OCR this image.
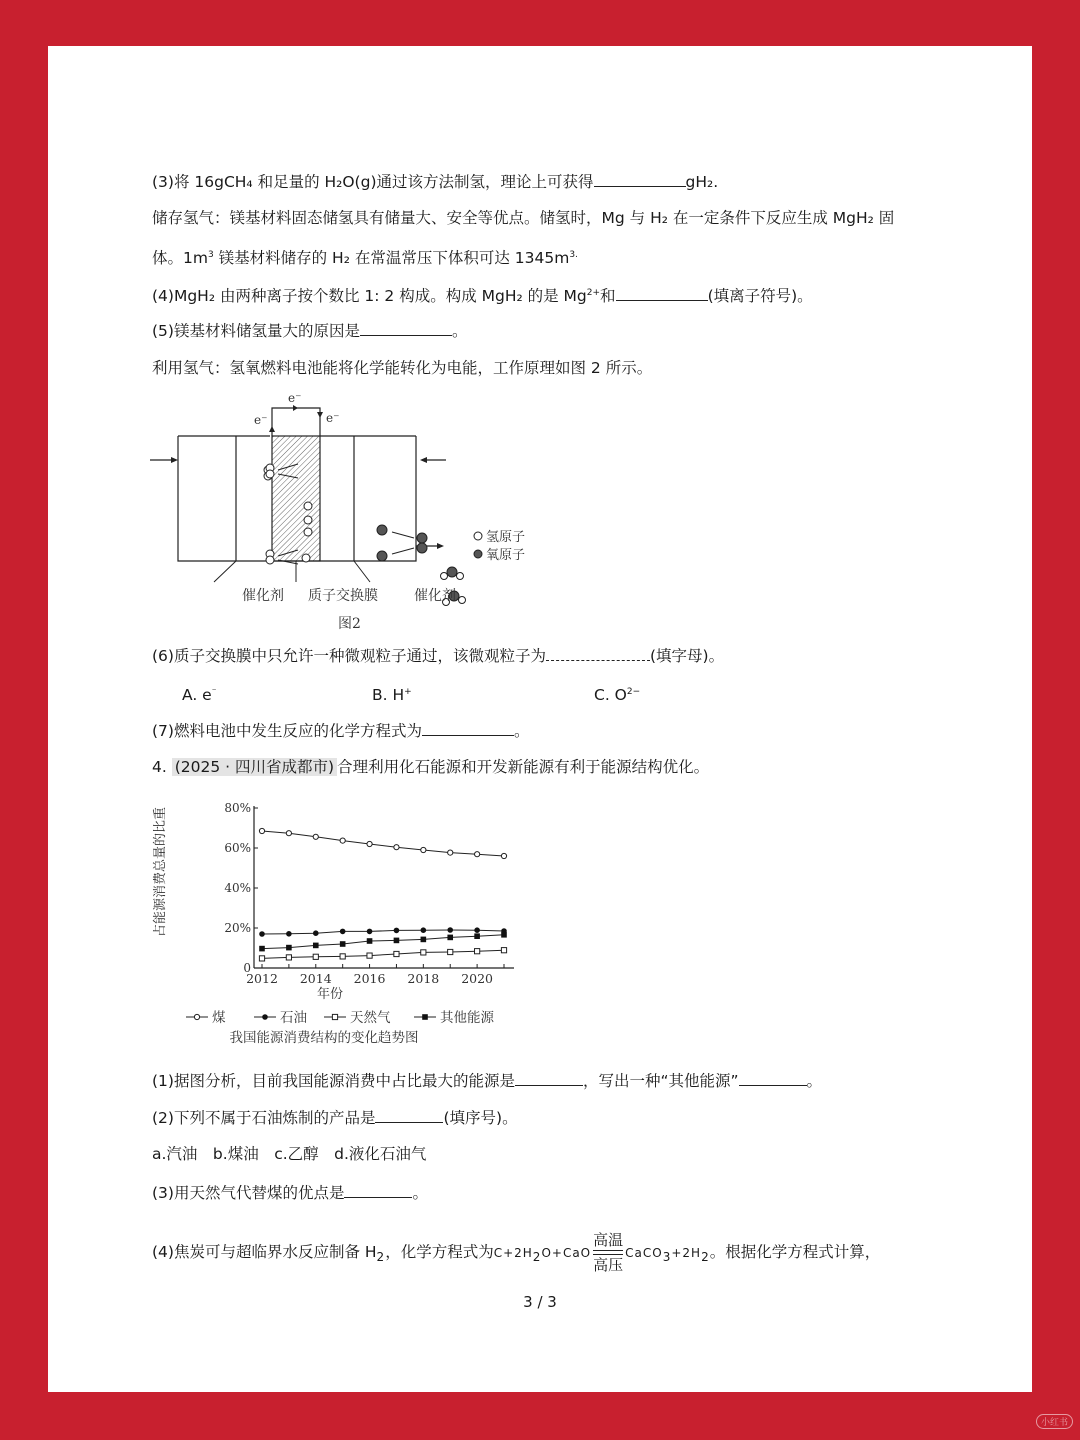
(3)将 16gCH₄ 和足量的 H₂O(g)通过该方法制氢，理论上可获得	gH₂.
储存氢气：镁基材料固态储氢具有储量大、安全等优点。储氢时，Mg 与 H₂ 在一定条件下反应生成 MgH₂ 固
体。$1m^3$ 镁基材料储存的 H₂ 在常温常压下体积可达 $1345m^{3.}$
(4)MgH₂ 由两种离子按个数比 1: 2 构成。构成 MgH₂ 的是 $Mg^{2+}$和	(填离子符号)。
(5)镁基材料储氢量大的原因是	。
利用氢气：氢氧燃料电池能将化学能转化为电能，工作原理如图 2 所示。
e⁻
e⁻	e⁻
氢原子
氧原子
催化剂 质子交换膜	催化剂
图2
(6)质子交换膜中只允许一种微观粒子通过，该微观粒子为	(填字母)。
A. e⁻	B. H+	C. $O^{2-}$
(7)燃料电池中发生反应的化学方程式为	。
4. (2025 · 四川省成都市) 合理利用化石能源和开发新能源有利于能源结构优化。
占能源消费总量的比重
0
20%
40%
60%
80%
2012 2014 2016 2018 2020
年份
煤	石油	天然气	其他能源
我国能源消费结构的变化趋势图
(1)据图分析，目前我国能源消费中占比最大的能源是	，写出一种“其他能源”	。
(2)下列不属于石油炼制的产品是	(填序号)。
a.汽油　b.煤油　c.乙醇　d.液化石油气
(3)用天然气代替煤的优点是	。
(4)焦炭可与超临界水反应制备 $H_2$，化学方程式为$C+2H_2O+CaO$
高温
高压
$CaCO_3+2H_2$。根据化学方程式计算，
3 / 3
小红书
